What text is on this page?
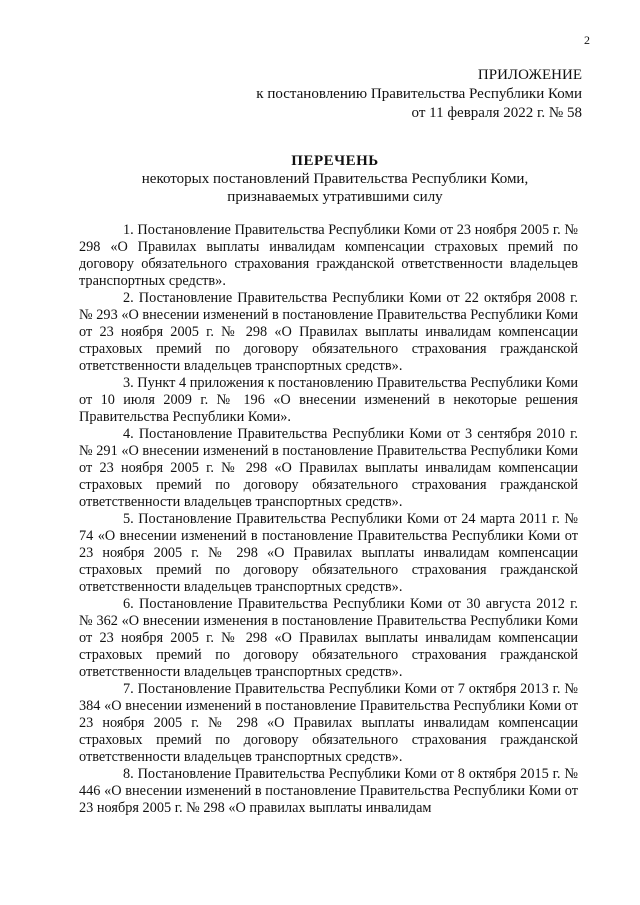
2
ПРИЛОЖЕНИЕ
к постановлению Правительства Республики Коми
от 11 февраля 2022 г. № 58
ПЕРЕЧЕНЬ
некоторых постановлений Правительства Республики Коми,
признаваемых утратившими силу

1. Постановление Правительства Республики Коми от 23 ноября 2005 г. № 298 «О Правилах выплаты инвалидам компенсации страховых премий по договору обязательного страхования гражданской ответственности владельцев транспортных средств».

2. Постановление Правительства Республики Коми от 22 октября 2008 г. № 293 «О внесении изменений в постановление Правительства Республики Коми от 23 ноября 2005 г. № 298 «О Правилах выплаты инвалидам компенсации страховых премий по договору обязательного страхования гражданской ответственности владельцев транспортных средств».

3. Пункт 4 приложения к постановлению Правительства Республики Коми от 10 июля 2009 г. № 196 «О внесении изменений в некоторые решения Правительства Республики Коми».

4. Постановление Правительства Республики Коми от 3 сентября 2010 г. № 291 «О внесении изменений в постановление Правительства Республики Коми от 23 ноября 2005 г. № 298 «О Правилах выплаты инвалидам компенсации страховых премий по договору обязательного страхования гражданской ответственности владельцев транспортных средств».

5. Постановление Правительства Республики Коми от 24 марта 2011 г. № 74 «О внесении изменений в постановление Правительства Республики Коми от 23 ноября 2005 г. № 298 «О Правилах выплаты инвалидам компенсации страховых премий по договору обязательного страхования гражданской ответственности владельцев транспортных средств».

6. Постановление Правительства Республики Коми от 30 августа 2012 г. № 362 «О внесении изменения в постановление Правительства Республики Коми от 23 ноября 2005 г. № 298 «О Правилах выплаты инвалидам компенсации страховых премий по договору обязательного страхования гражданской ответственности владельцев транспортных средств».

7. Постановление Правительства Республики Коми от 7 октября 2013 г. № 384 «О внесении изменений в постановление Правительства Республики Коми от 23 ноября 2005 г. № 298 «О Правилах выплаты инвалидам компенсации страховых премий по договору обязательного страхования гражданской ответственности владельцев транспортных средств».

8. Постановление Правительства Республики Коми от 8 октября 2015 г. № 446 «О внесении изменений в постановление Правительства Республики Коми от 23 ноября 2005 г. № 298 «О правилах выплаты инвалидам
